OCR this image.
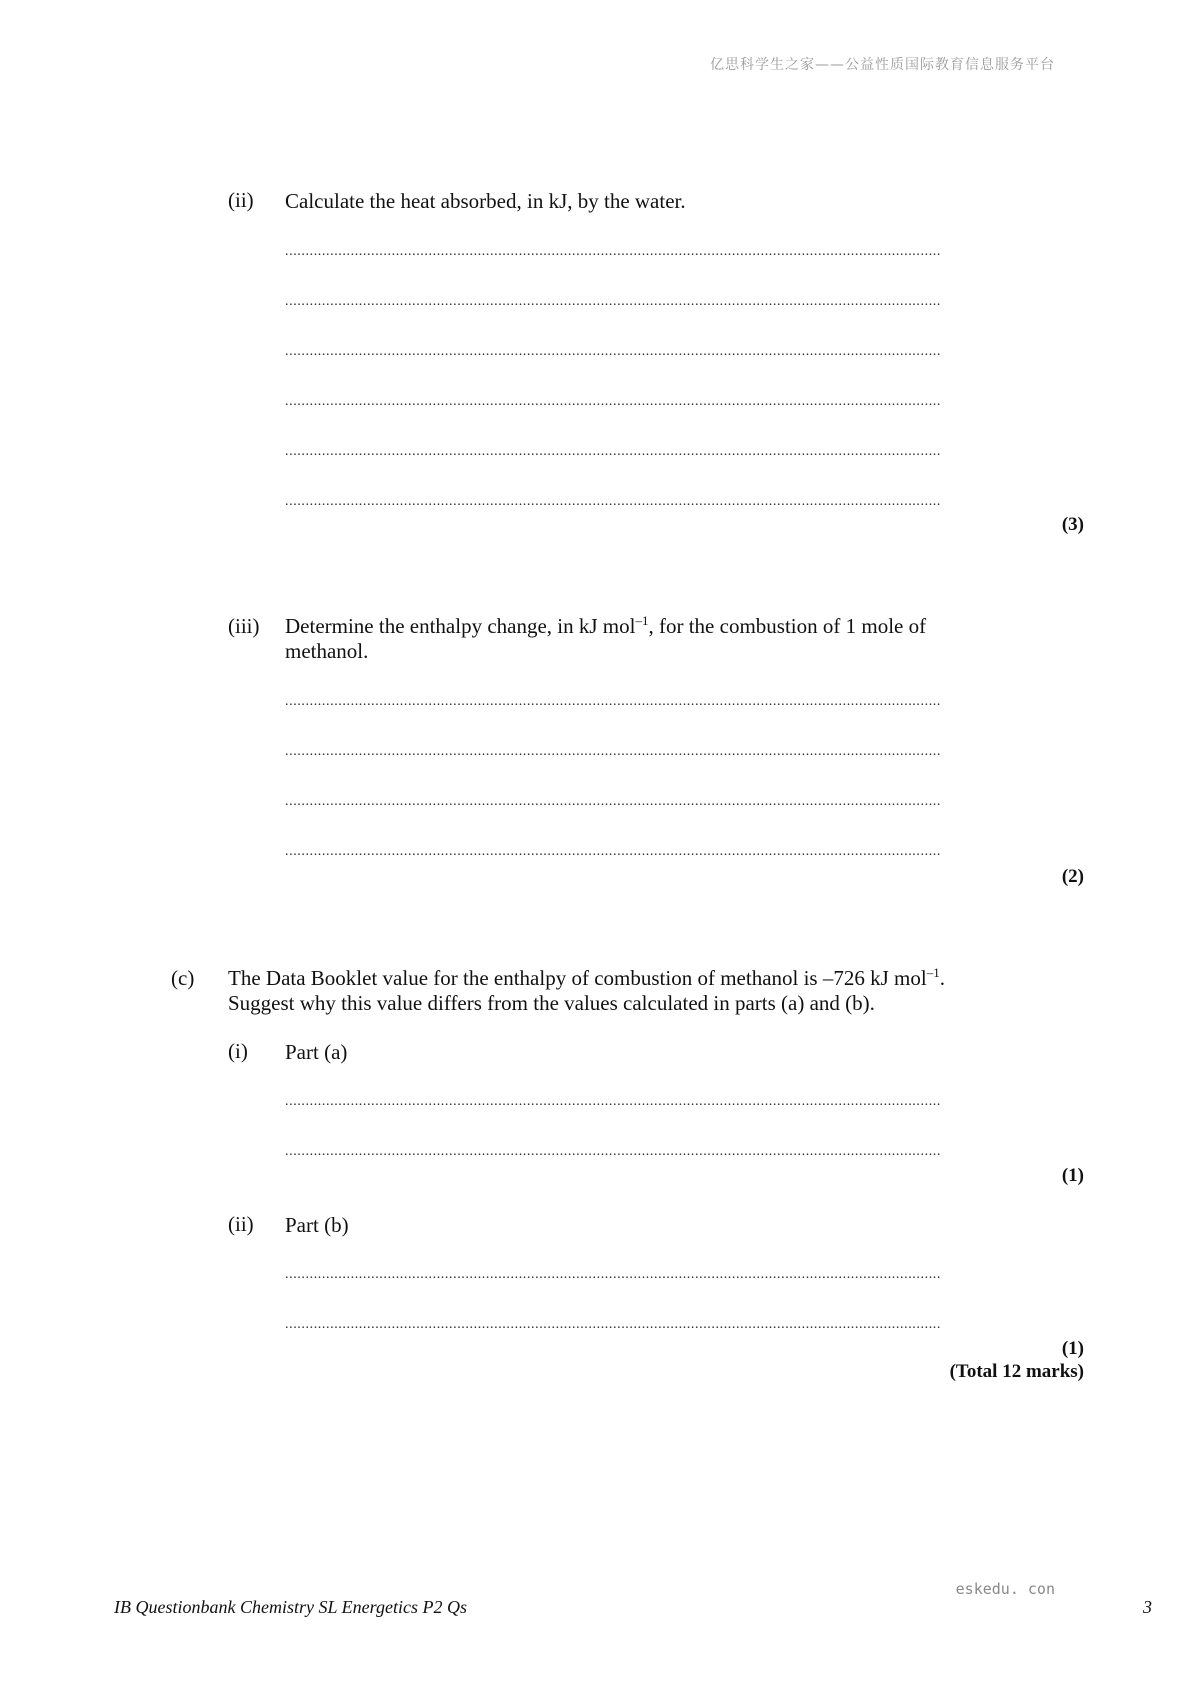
亿思科学生之家——公益性质国际教育信息服务平台
(ii) Calculate the heat absorbed, in kJ, by the water.
................................................................................................................................................................
................................................................................................................................................................
................................................................................................................................................................
................................................................................................................................................................
................................................................................................................................................................
................................................................................................................................................................
(3)
(iii) Determine the enthalpy change, in kJ mol$^{-1}$, for the combustion of 1 mole of
methanol.
................................................................................................................................................................
................................................................................................................................................................
................................................................................................................................................................
................................................................................................................................................................
(2)
(c) The Data Booklet value for the enthalpy of combustion of methanol is –726 kJ mol$^{-1}$.
Suggest why this value differs from the values calculated in parts (a) and (b).
(i) Part (a)
................................................................................................................................................................
................................................................................................................................................................
(1)
(ii) Part (b)
................................................................................................................................................................
................................................................................................................................................................
(1)
(Total 12 marks)
eskedu. con
IB Questionbank Chemistry SL Energetics P2 Qs	3
